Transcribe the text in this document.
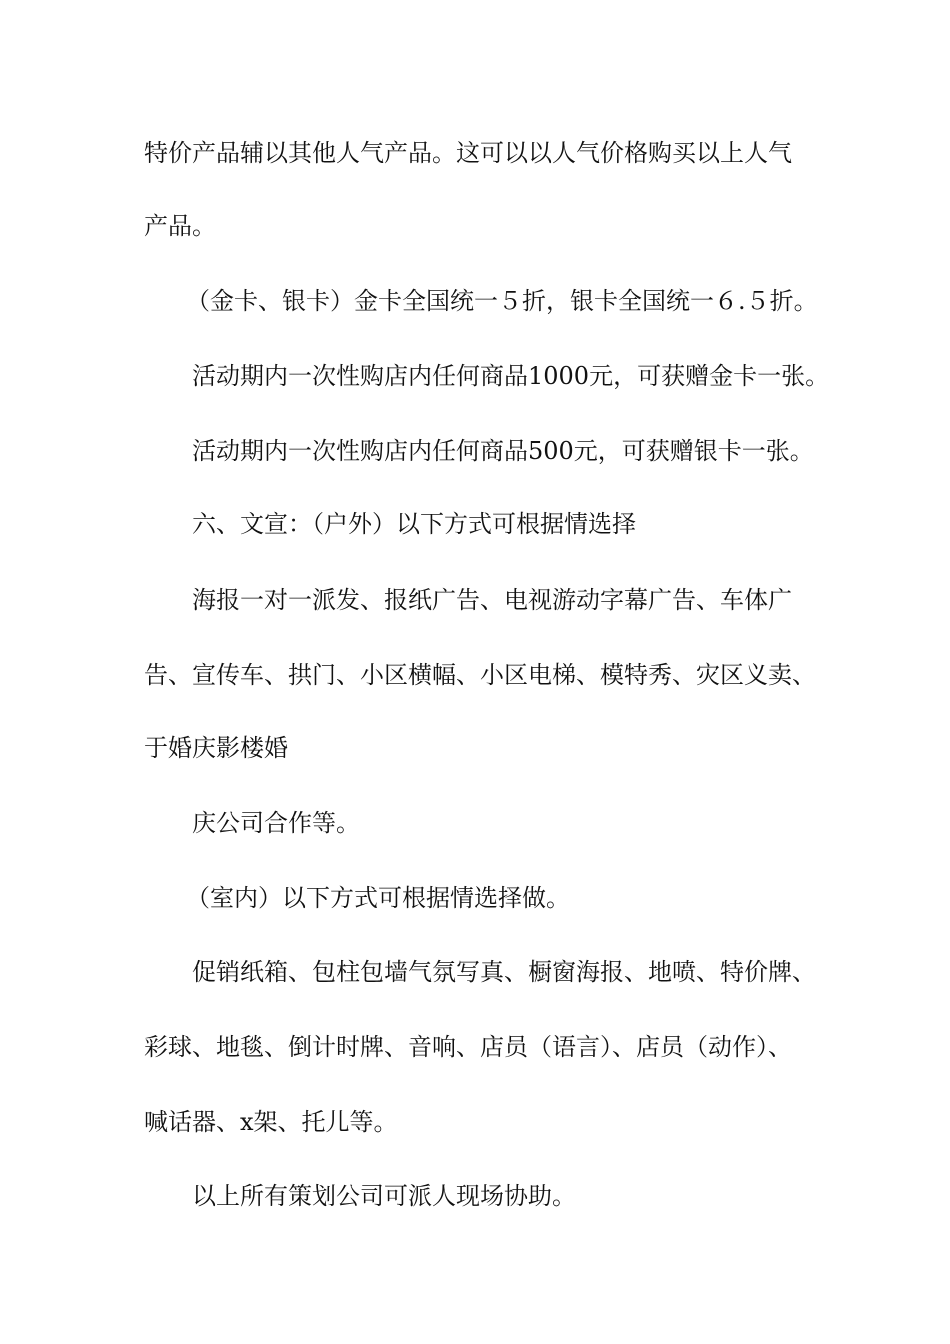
特价产品辅以其他人气产品。这可以以人气价格购买以上人气
产品。
（金卡、银卡）金卡全国统一５折，银卡全国统一６.５折。
活动期内一次性购店内任何商品1000元，可获赠金卡一张。
活动期内一次性购店内任何商品500元，可获赠银卡一张。
六、文宣：（户外）以下方式可根据情选择
海报一对一派发、报纸广告、电视游动字幕广告、车体广
告、宣传车、拱门、小区横幅、小区电梯、模特秀、灾区义卖、
于婚庆影楼婚
庆公司合作等。
（室内）以下方式可根据情选择做。
促销纸箱、包柱包墙气氛写真、橱窗海报、地喷、特价牌、
彩球、地毯、倒计时牌、音响、店员（语言）、店员（动作）、
喊话器、x架、托儿等。
以上所有策划公司可派人现场协助。
